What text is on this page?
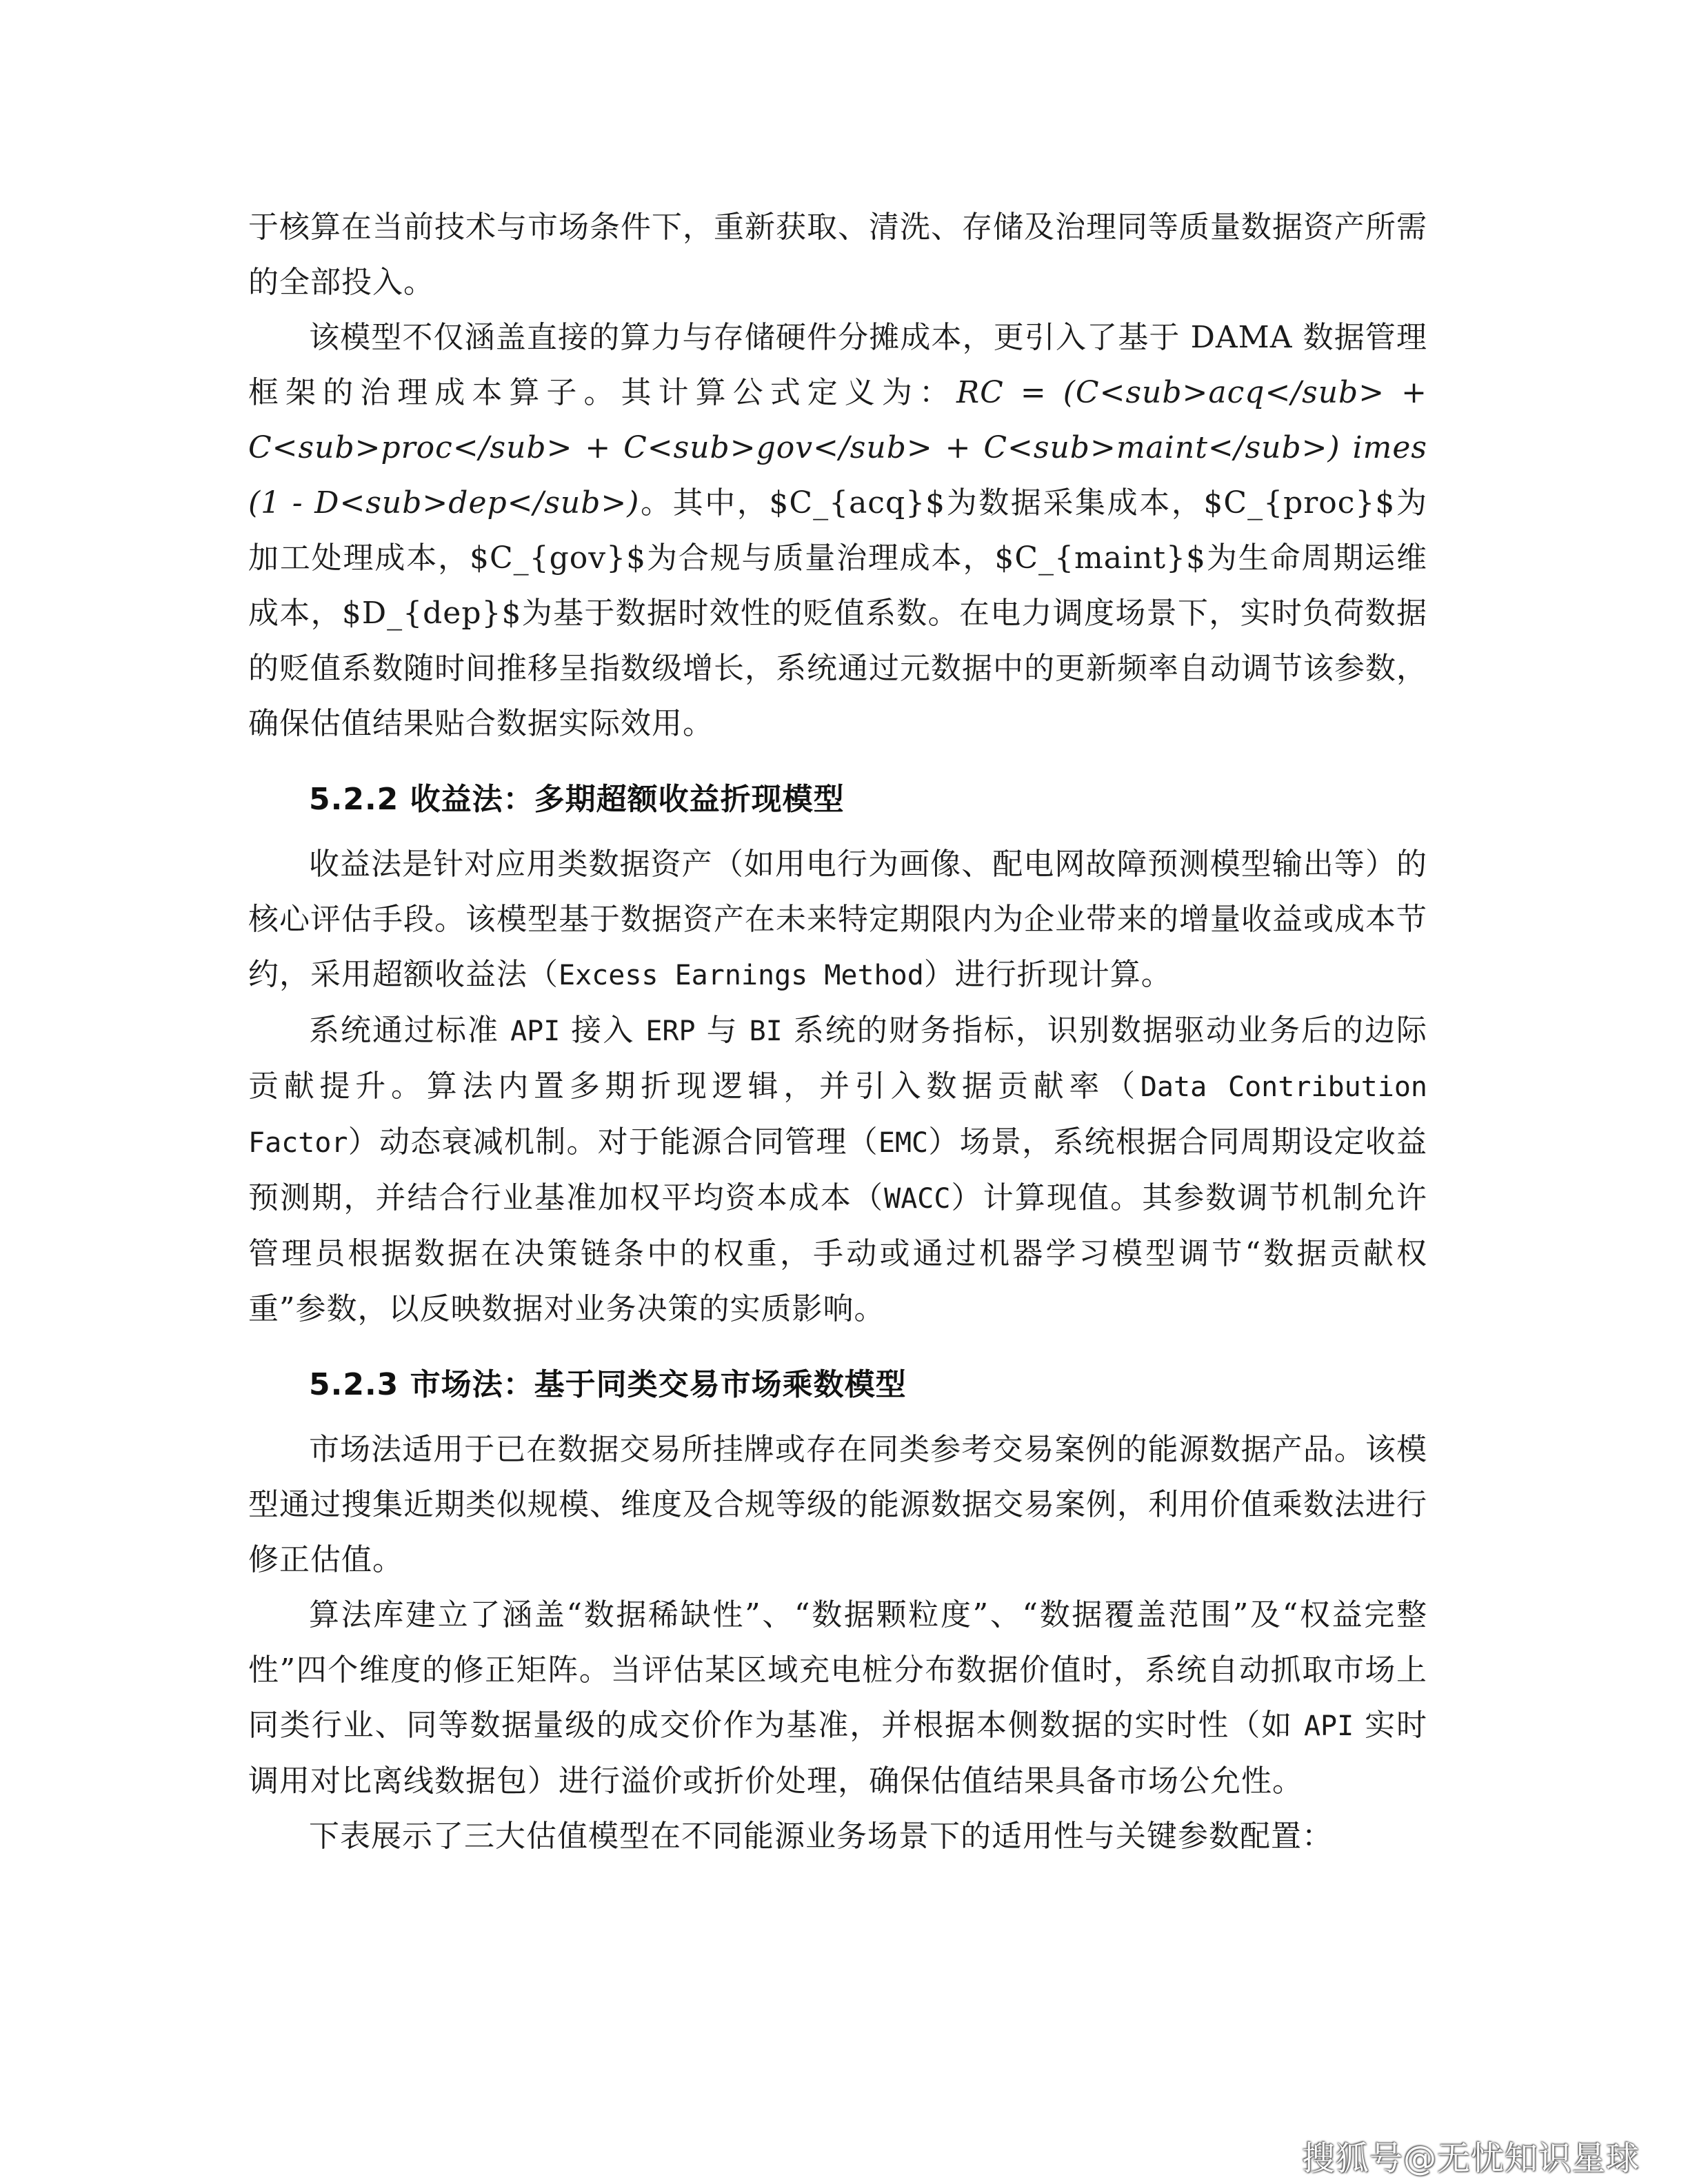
于核算在当前技术与市场条件下，重新获取、清洗、存储及治理同等质量数据资产所需的全部投入。

该模型不仅涵盖直接的算力与存储硬件分摊成本，更引入了基于 DAMA 数据管理框架的治理成本算子。其计算公式定义为：RC = (C<sub>acq</sub> + C<sub>proc</sub> + C<sub>gov</sub> + C<sub>maint</sub>) imes (1 - D<sub>dep</sub>)。其中，$C_{acq}$为数据采集成本，$C_{proc}$为加工处理成本，$C_{gov}$为合规与质量治理成本，$C_{maint}$为生命周期运维成本，$D_{dep}$为基于数据时效性的贬值系数。在电力调度场景下，实时负荷数据的贬值系数随时间推移呈指数级增长，系统通过元数据中的更新频率自动调节该参数，确保估值结果贴合数据实际效用。

5.2.2 收益法：多期超额收益折现模型

收益法是针对应用类数据资产（如用电行为画像、配电网故障预测模型输出等）的核心评估手段。该模型基于数据资产在未来特定期限内为企业带来的增量收益或成本节约，采用超额收益法（Excess Earnings Method）进行折现计算。

系统通过标准 API 接入 ERP 与 BI 系统的财务指标，识别数据驱动业务后的边际贡献提升。算法内置多期折现逻辑，并引入数据贡献率（Data Contribution Factor）动态衰减机制。对于能源合同管理（EMC）场景，系统根据合同周期设定收益预测期，并结合行业基准加权平均资本成本（WACC）计算现值。其参数调节机制允许管理员根据数据在决策链条中的权重，手动或通过机器学习模型调节“数据贡献权重”参数，以反映数据对业务决策的实质影响。

5.2.3 市场法：基于同类交易市场乘数模型

市场法适用于已在数据交易所挂牌或存在同类参考交易案例的能源数据产品。该模型通过搜集近期类似规模、维度及合规等级的能源数据交易案例，利用价值乘数法进行修正估值。

算法库建立了涵盖“数据稀缺性”、“数据颗粒度”、“数据覆盖范围”及“权益完整性”四个维度的修正矩阵。当评估某区域充电桩分布数据价值时，系统自动抓取市场上同类行业、同等数据量级的成交价作为基准，并根据本侧数据的实时性（如 API 实时调用对比离线数据包）进行溢价或折价处理，确保估值结果具备市场公允性。

下表展示了三大估值模型在不同能源业务场景下的适用性与关键参数配置：

搜狐号@无忧知识星球
